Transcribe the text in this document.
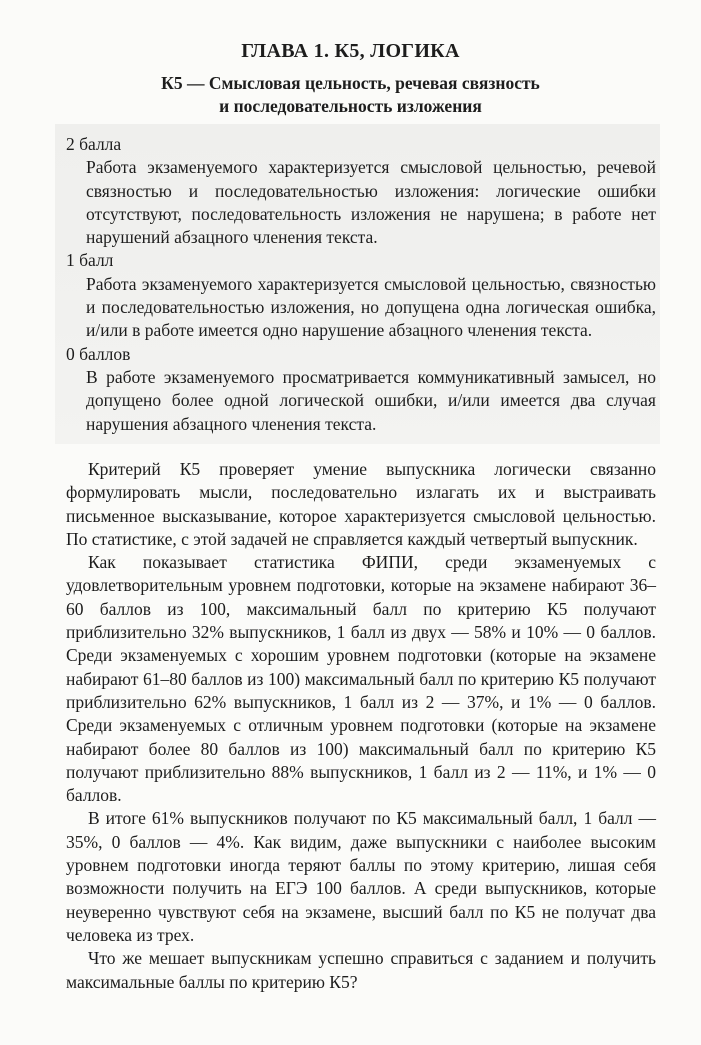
ГЛАВА 1. К5, ЛОГИКА
К5 — Смысловая цельность, речевая связность
и последовательность изложения
2 балла
Работа экзаменуемого характеризуется смысловой цельностью, речевой связностью и последовательностью изложения: логические ошибки отсутствуют, последовательность изложения не нарушена; в работе нет нарушений абзацного членения текста.
1 балл
Работа экзаменуемого характеризуется смысловой цельностью, связностью и последовательностью изложения, но допущена одна логическая ошибка, и/или в работе имеется одно нарушение абзацного членения текста.
0 баллов
В работе экзаменуемого просматривается коммуникативный замысел, но допущено более одной логической ошибки, и/или имеется два случая нарушения абзацного членения текста.
Критерий К5 проверяет умение выпускника логически связанно формулировать мысли, последовательно излагать их и выстраивать письменное высказывание, которое характеризуется смысловой цельностью. По статистике, с этой задачей не справляется каждый четвертый выпускник.
Как показывает статистика ФИПИ, среди экзаменуемых с удовлетворительным уровнем подготовки, которые на экзамене набирают 36–60 баллов из 100, максимальный балл по критерию К5 получают приблизительно 32% выпускников, 1 балл из двух — 58% и 10% — 0 баллов. Среди экзаменуемых с хорошим уровнем подготовки (которые на экзамене набирают 61–80 баллов из 100) максимальный балл по критерию К5 получают приблизительно 62% выпускников, 1 балл из 2 — 37%, и 1% — 0 баллов. Среди экзаменуемых с отличным уровнем подготовки (которые на экзамене набирают более 80 баллов из 100) максимальный балл по критерию К5 получают приблизительно 88% выпускников, 1 балл из 2 — 11%, и 1% — 0 баллов.
В итоге 61% выпускников получают по К5 максимальный балл, 1 балл — 35%, 0 баллов — 4%. Как видим, даже выпускники с наиболее высоким уровнем подготовки иногда теряют баллы по этому критерию, лишая себя возможности получить на ЕГЭ 100 баллов. А среди выпускников, которые неуверенно чувствуют себя на экзамене, высший балл по К5 не получат два человека из трех.
Что же мешает выпускникам успешно справиться с заданием и получить максимальные баллы по критерию К5?
